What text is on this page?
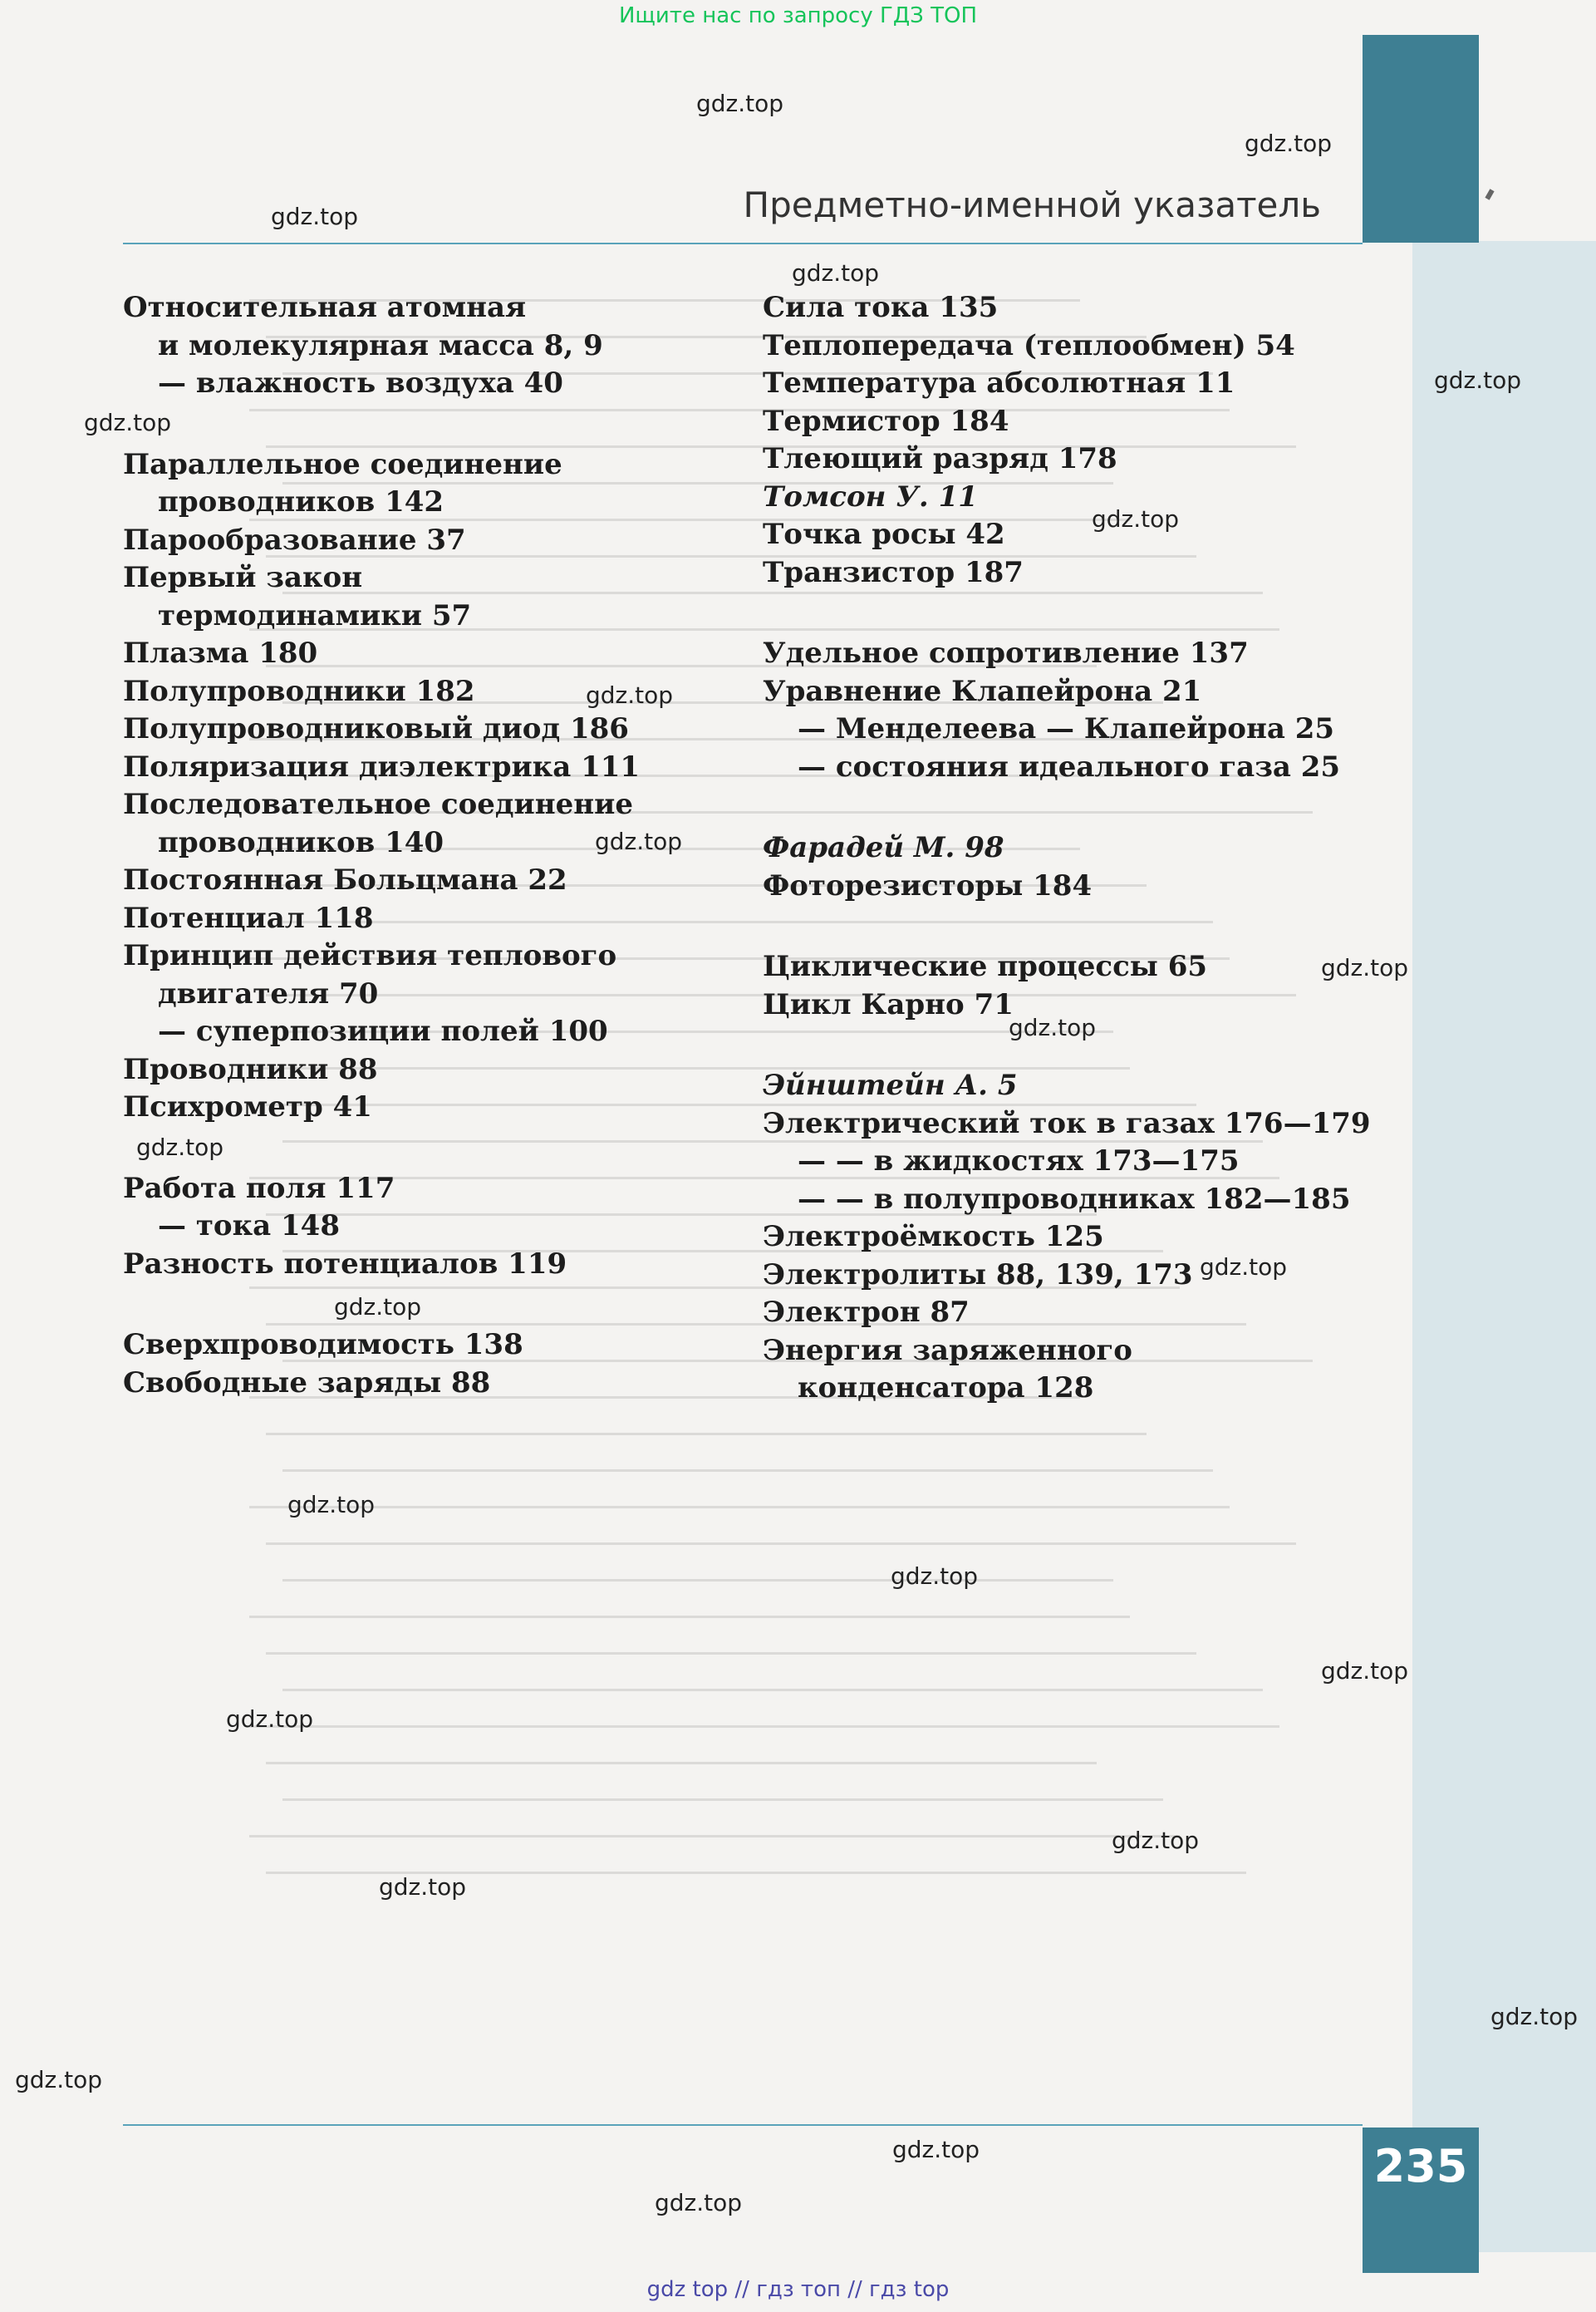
235
Предметно-именной указатель
Относительная атомная
и молекулярная масса 8, 9
— влажность воздуха 40
Параллельное соединение
проводников 142
Парообразование 37
Первый закон
термодинамики 57
Плазма 180
Полупроводники 182
Полупроводниковый диод 186
Поляризация диэлектрика 111
Последовательное соединение
проводников 140
Постоянная Больцмана 22
Потенциал 118
Принцип действия теплового
двигателя 70
— суперпозиции полей 100
Проводники 88
Психрометр 41
Работа поля 117
— тока 148
Разность потенциалов 119
Сверхпроводимость 138
Свободные заряды 88
Сила тока 135
Теплопередача (теплообмен) 54
Температура абсолютная 11
Термистор 184
Тлеющий разряд 178
Томсон У. 11
Точка росы 42
Транзистор 187
Удельное сопротивление 137
Уравнение Клапейрона 21
— Менделеева — Клапейрона 25
— состояния идеального газа 25
Фарадей М. 98
Фоторезисторы 184
Циклические процессы 65
Цикл Карно 71
Эйнштейн А. 5
Электрический ток в газах 176—179
— — в жидкостях 173—175
— — в полупроводниках 182—185
Электроёмкость 125
Электролиты 88, 139, 173
Электрон 87
Энергия заряженного
конденсатора 128
gdz.top
gdz.top
gdz.top
gdz.top
gdz.top
gdz.top
gdz.top
gdz.top
gdz.top
gdz.top
gdz.top
gdz.top
gdz.top
gdz.top
gdz.top
gdz.top
gdz.top
gdz.top
gdz.top
gdz.top
gdz.top
gdz.top
gdz.top
gdz.top
Ищите нас по запросу ГДЗ ТОП
gdz top // гдз топ // гдз top
